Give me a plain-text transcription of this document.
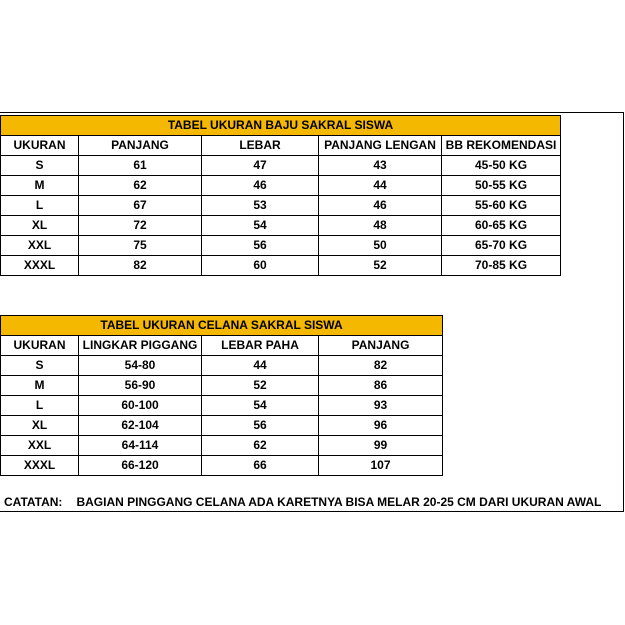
TABEL UKURAN BAJU SAKRAL SISWA				
UKURAN	PANJANG	LEBAR	PANJANG LENGAN	BB REKOMENDASI
S	61	47	43	45-50 KG
M	62	46	44	50-55 KG
L	67	53	46	55-60 KG
XL	72	54	48	60-65 KG
XXL	75	56	50	65-70 KG
XXXL	82	60	52	70-85 KG
TABEL UKURAN CELANA SAKRAL SISWA			
UKURAN	LINGKAR PIGGANG	LEBAR PAHA	PANJANG
S	54-80	44	82
M	56-90	52	86
L	60-100	54	93
XL	62-104	56	96
XXL	64-114	62	99
XXXL	66-120	66	107
CATATAN: BAGIAN PINGGANG CELANA ADA KARETNYA BISA MELAR 20-25 CM DARI UKURAN AWAL
